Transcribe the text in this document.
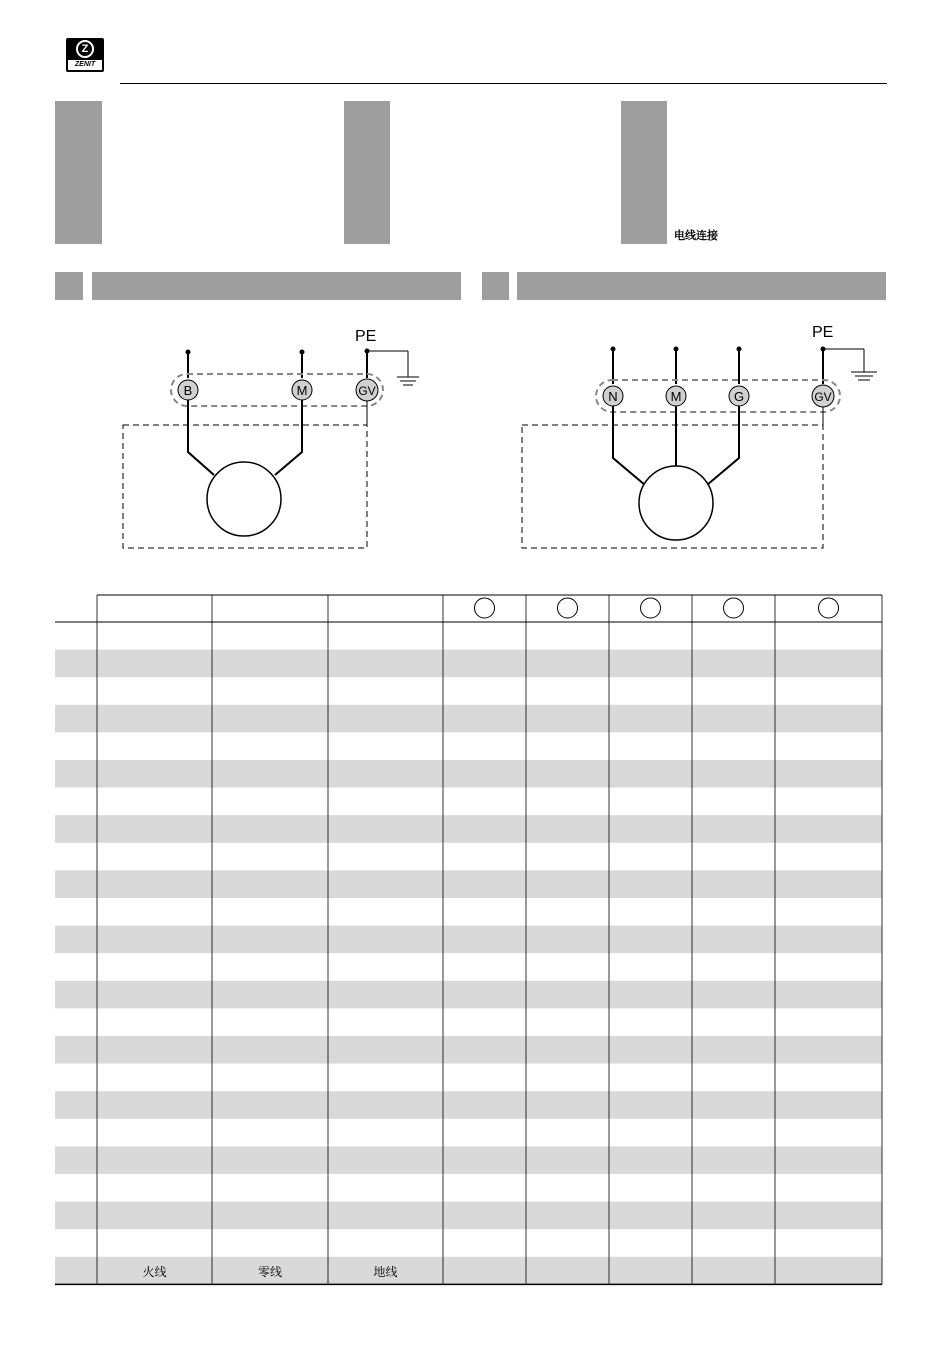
Z
ZENIT
电线连接
PE
B	M	GV
PE
N	M	G	GV
火线	零线	地线
